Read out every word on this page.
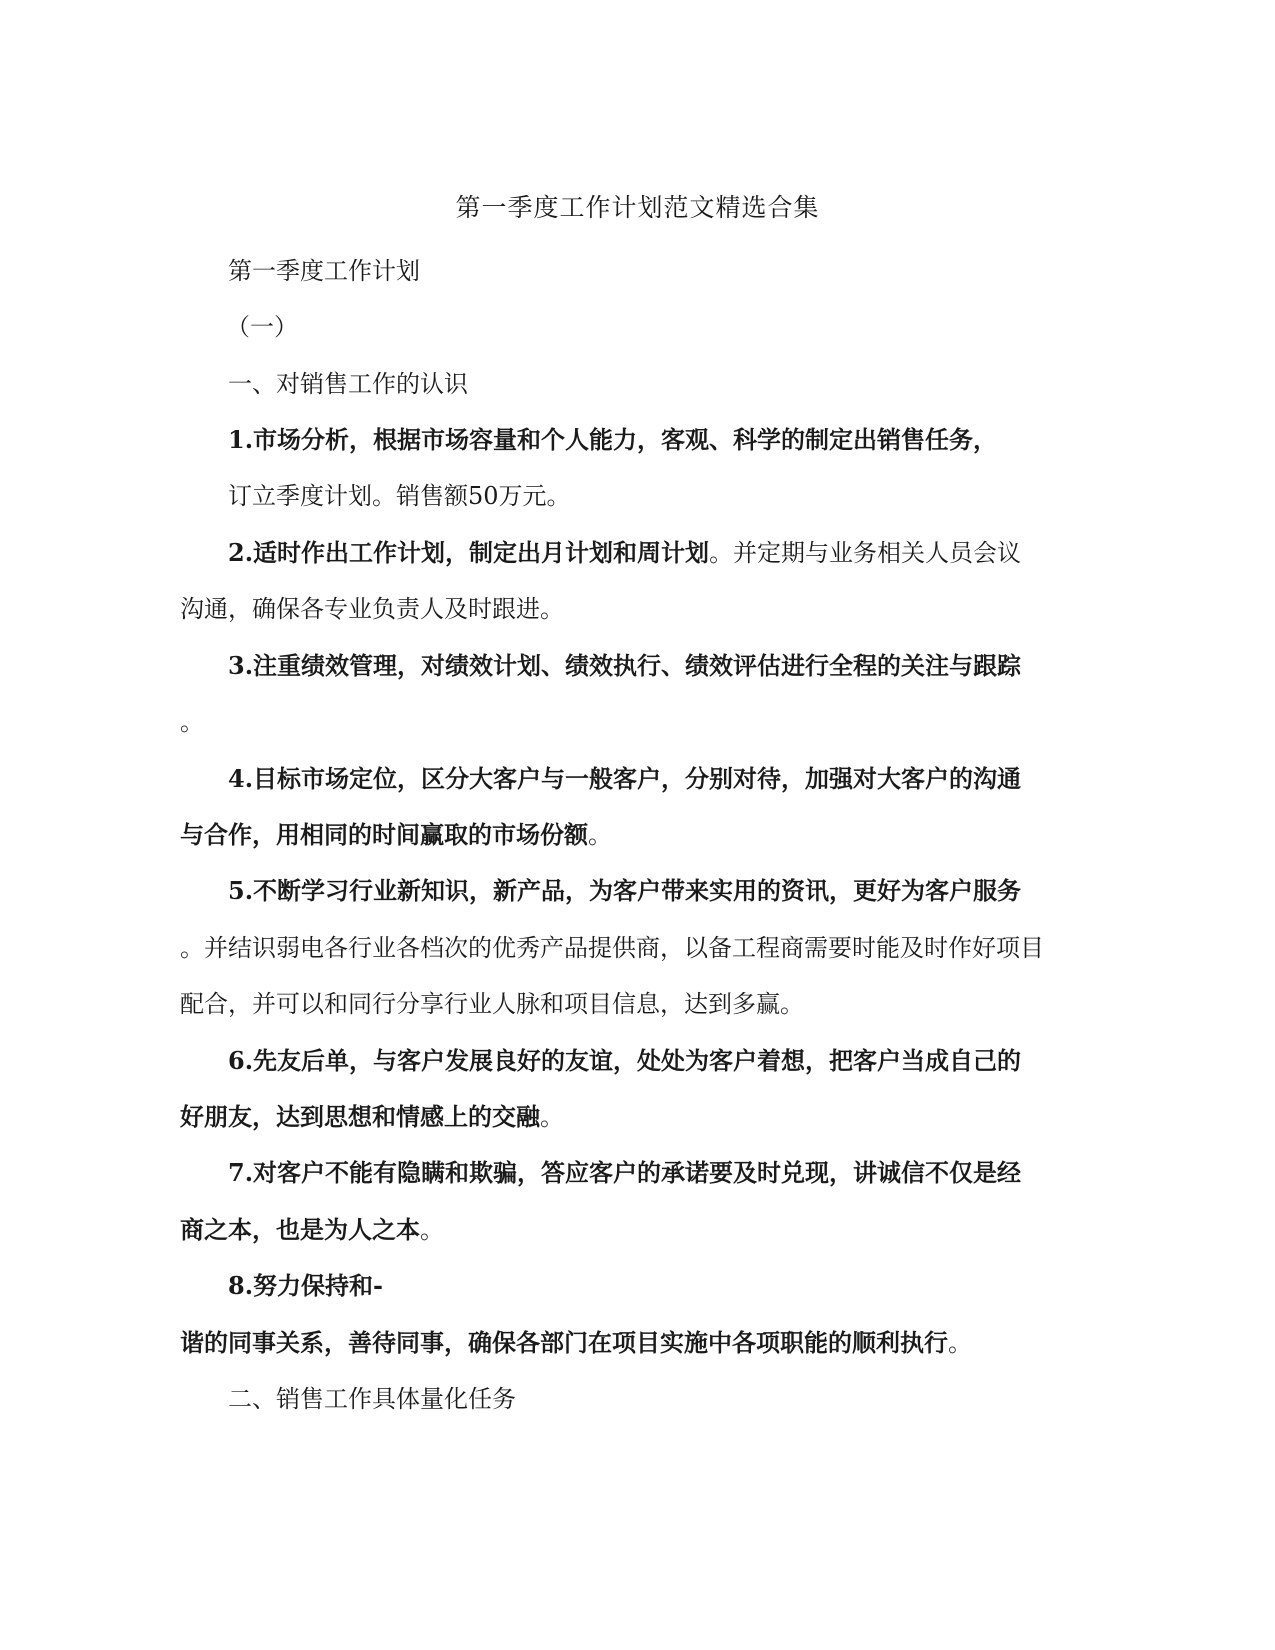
第一季度工作计划范文精选合集
第一季度工作计划
（一）
一、对销售工作的认识
1.市场分析，根据市场容量和个人能力，客观、科学的制定出销售任务，
订立季度计划。销售额50万元。
2.适时作出工作计划，制定出月计划和周计划。并定期与业务相关人员会议
沟通，确保各专业负责人及时跟进。
3.注重绩效管理，对绩效计划、绩效执行、绩效评估进行全程的关注与跟踪
。
4.目标市场定位，区分大客户与一般客户，分别对待，加强对大客户的沟通
与合作，用相同的时间赢取的市场份额。
5.不断学习行业新知识，新产品，为客户带来实用的资讯，更好为客户服务
。并结识弱电各行业各档次的优秀产品提供商，以备工程商需要时能及时作好项目
配合，并可以和同行分享行业人脉和项目信息，达到多赢。
6.先友后单，与客户发展良好的友谊，处处为客户着想，把客户当成自己的
好朋友，达到思想和情感上的交融。
7.对客户不能有隐瞒和欺骗，答应客户的承诺要及时兑现，讲诚信不仅是经
商之本，也是为人之本。
8.努力保持和-
谐的同事关系，善待同事，确保各部门在项目实施中各项职能的顺利执行。
二、销售工作具体量化任务
